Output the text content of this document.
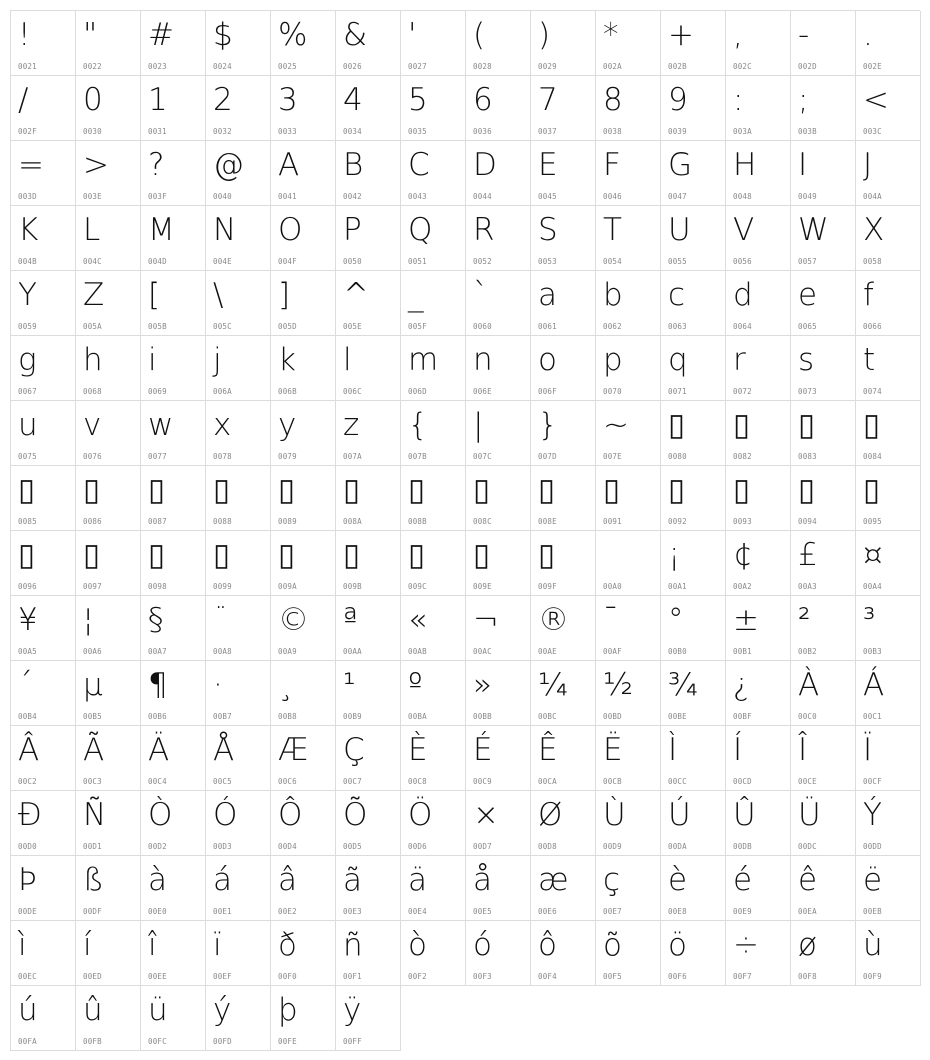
!
0021
"
0022
#
0023
$
0024
%
0025
&
0026
'
0027
(
0028
)
0029
*
002A
+
002B
,
002C
-
002D
.
002E
/
002F
0
0030
1
0031
2
0032
3
0033
4
0034
5
0035
6
0036
7
0037
8
0038
9
0039
:
003A
;
003B
<
003C
=
003D
>
003E
?
003F
@
0040
A
0041
B
0042
C
0043
D
0044
E
0045
F
0046
G
0047
H
0048
I
0049
J
004A
K
004B
L
004C
M
004D
N
004E
O
004F
P
0050
Q
0051
R
0052
S
0053
T
0054
U
0055
V
0056
W
0057
X
0058
Y
0059
Z
005A
[
005B
\
005C
]
005D
^
005E
_
005F
`
0060
a
0061
b
0062
c
0063
d
0064
e
0065
f
0066
g
0067
h
0068
i
0069
j
006A
k
006B
l
006C
m
006D
n
006E
o
006F
p
0070
q
0071
r
0072
s
0073
t
0074
u
0075
v
0076
w
0077
x
0078
y
0079
z
007A
{
007B
|
007C
}
007D
~
007E
▯
0080
▯
0082
▯
0083
▯
0084
▯
0085
▯
0086
▯
0087
▯
0088
▯
0089
▯
008A
▯
008B
▯
008C
▯
008E
▯
0091
▯
0092
▯
0093
▯
0094
▯
0095
▯
0096
▯
0097
▯
0098
▯
0099
▯
009A
▯
009B
▯
009C
▯
009E
▯
009F	00A0
¡
00A1
¢
00A2
£
00A3
¤
00A4
¥
00A5
¦
00A6
§
00A7
¨
00A8
©
00A9
ª
00AA
«
00AB
¬
00AC
®
00AE
¯
00AF
°
00B0
±
00B1
²
00B2
³
00B3
´
00B4
µ
00B5
¶
00B6
·
00B7
¸
00B8
¹
00B9
º
00BA
»
00BB
¼
00BC
½
00BD
¾
00BE
¿
00BF
À
00C0
Á
00C1
Â
00C2
Ã
00C3
Ä
00C4
Å
00C5
Æ
00C6
Ç
00C7
È
00C8
É
00C9
Ê
00CA
Ë
00CB
Ì
00CC
Í
00CD
Î
00CE
Ï
00CF
Ð
00D0
Ñ
00D1
Ò
00D2
Ó
00D3
Ô
00D4
Õ
00D5
Ö
00D6
×
00D7
Ø
00D8
Ù
00D9
Ú
00DA
Û
00DB
Ü
00DC
Ý
00DD
Þ
00DE
ß
00DF
à
00E0
á
00E1
â
00E2
ã
00E3
ä
00E4
å
00E5
æ
00E6
ç
00E7
è
00E8
é
00E9
ê
00EA
ë
00EB
ì
00EC
í
00ED
î
00EE
ï
00EF
ð
00F0
ñ
00F1
ò
00F2
ó
00F3
ô
00F4
õ
00F5
ö
00F6
÷
00F7
ø
00F8
ù
00F9
ú
00FA
û
00FB
ü
00FC
ý
00FD
þ
00FE
ÿ
00FF
